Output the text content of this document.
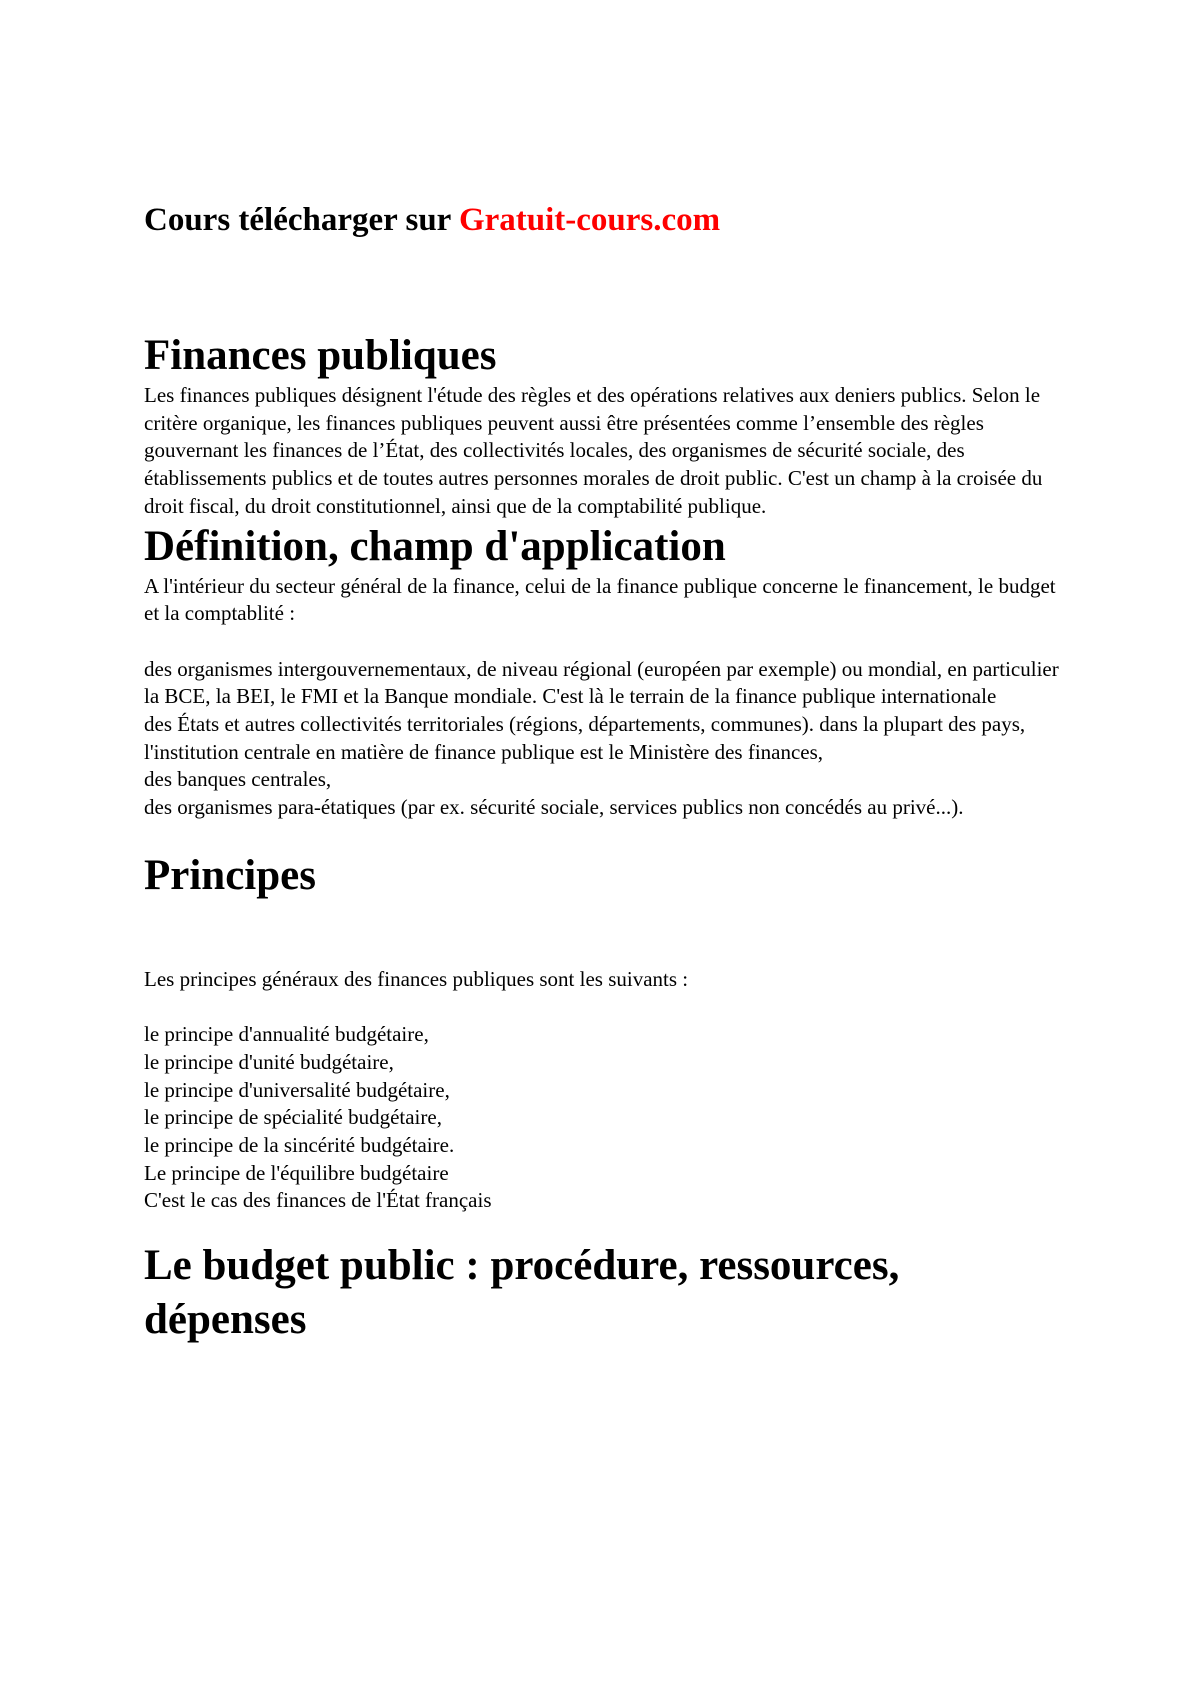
Cours télécharger sur Gratuit-cours.com
Finances publiques

Les finances publiques désignent l'étude des règles et des opérations relatives aux deniers publics. Selon le critère organique, les finances publiques peuvent aussi être présentées comme l’ensemble des règles gouvernant les finances de l’État, des collectivités locales, des organismes de sécurité sociale, des établissements publics et de toutes autres personnes morales de droit public. C'est un champ à la croisée du droit fiscal, du droit constitutionnel, ainsi que de la comptabilité publique.

Définition, champ d'application

A l'intérieur du secteur général de la finance, celui de la finance publique concerne le financement, le budget et la comptablité :

des organismes intergouvernementaux, de niveau régional (européen par exemple) ou mondial, en particulier la BCE, la BEI, le FMI et la Banque mondiale. C'est là le terrain de la finance publique internationale

des États et autres collectivités territoriales (régions, départements, communes). dans la plupart des pays, l'institution centrale en matière de finance publique est le Ministère des finances,

des banques centrales,

des organismes para-étatiques (par ex. sécurité sociale, services publics non concédés au privé...).

Principes

Les principes généraux des finances publiques sont les suivants :

le principe d'annualité budgétaire,

le principe d'unité budgétaire,

le principe d'universalité budgétaire,

le principe de spécialité budgétaire,

le principe de la sincérité budgétaire.

Le principe de l'équilibre budgétaire

C'est le cas des finances de l'État français

Le budget public : procédure, ressources, dépenses
